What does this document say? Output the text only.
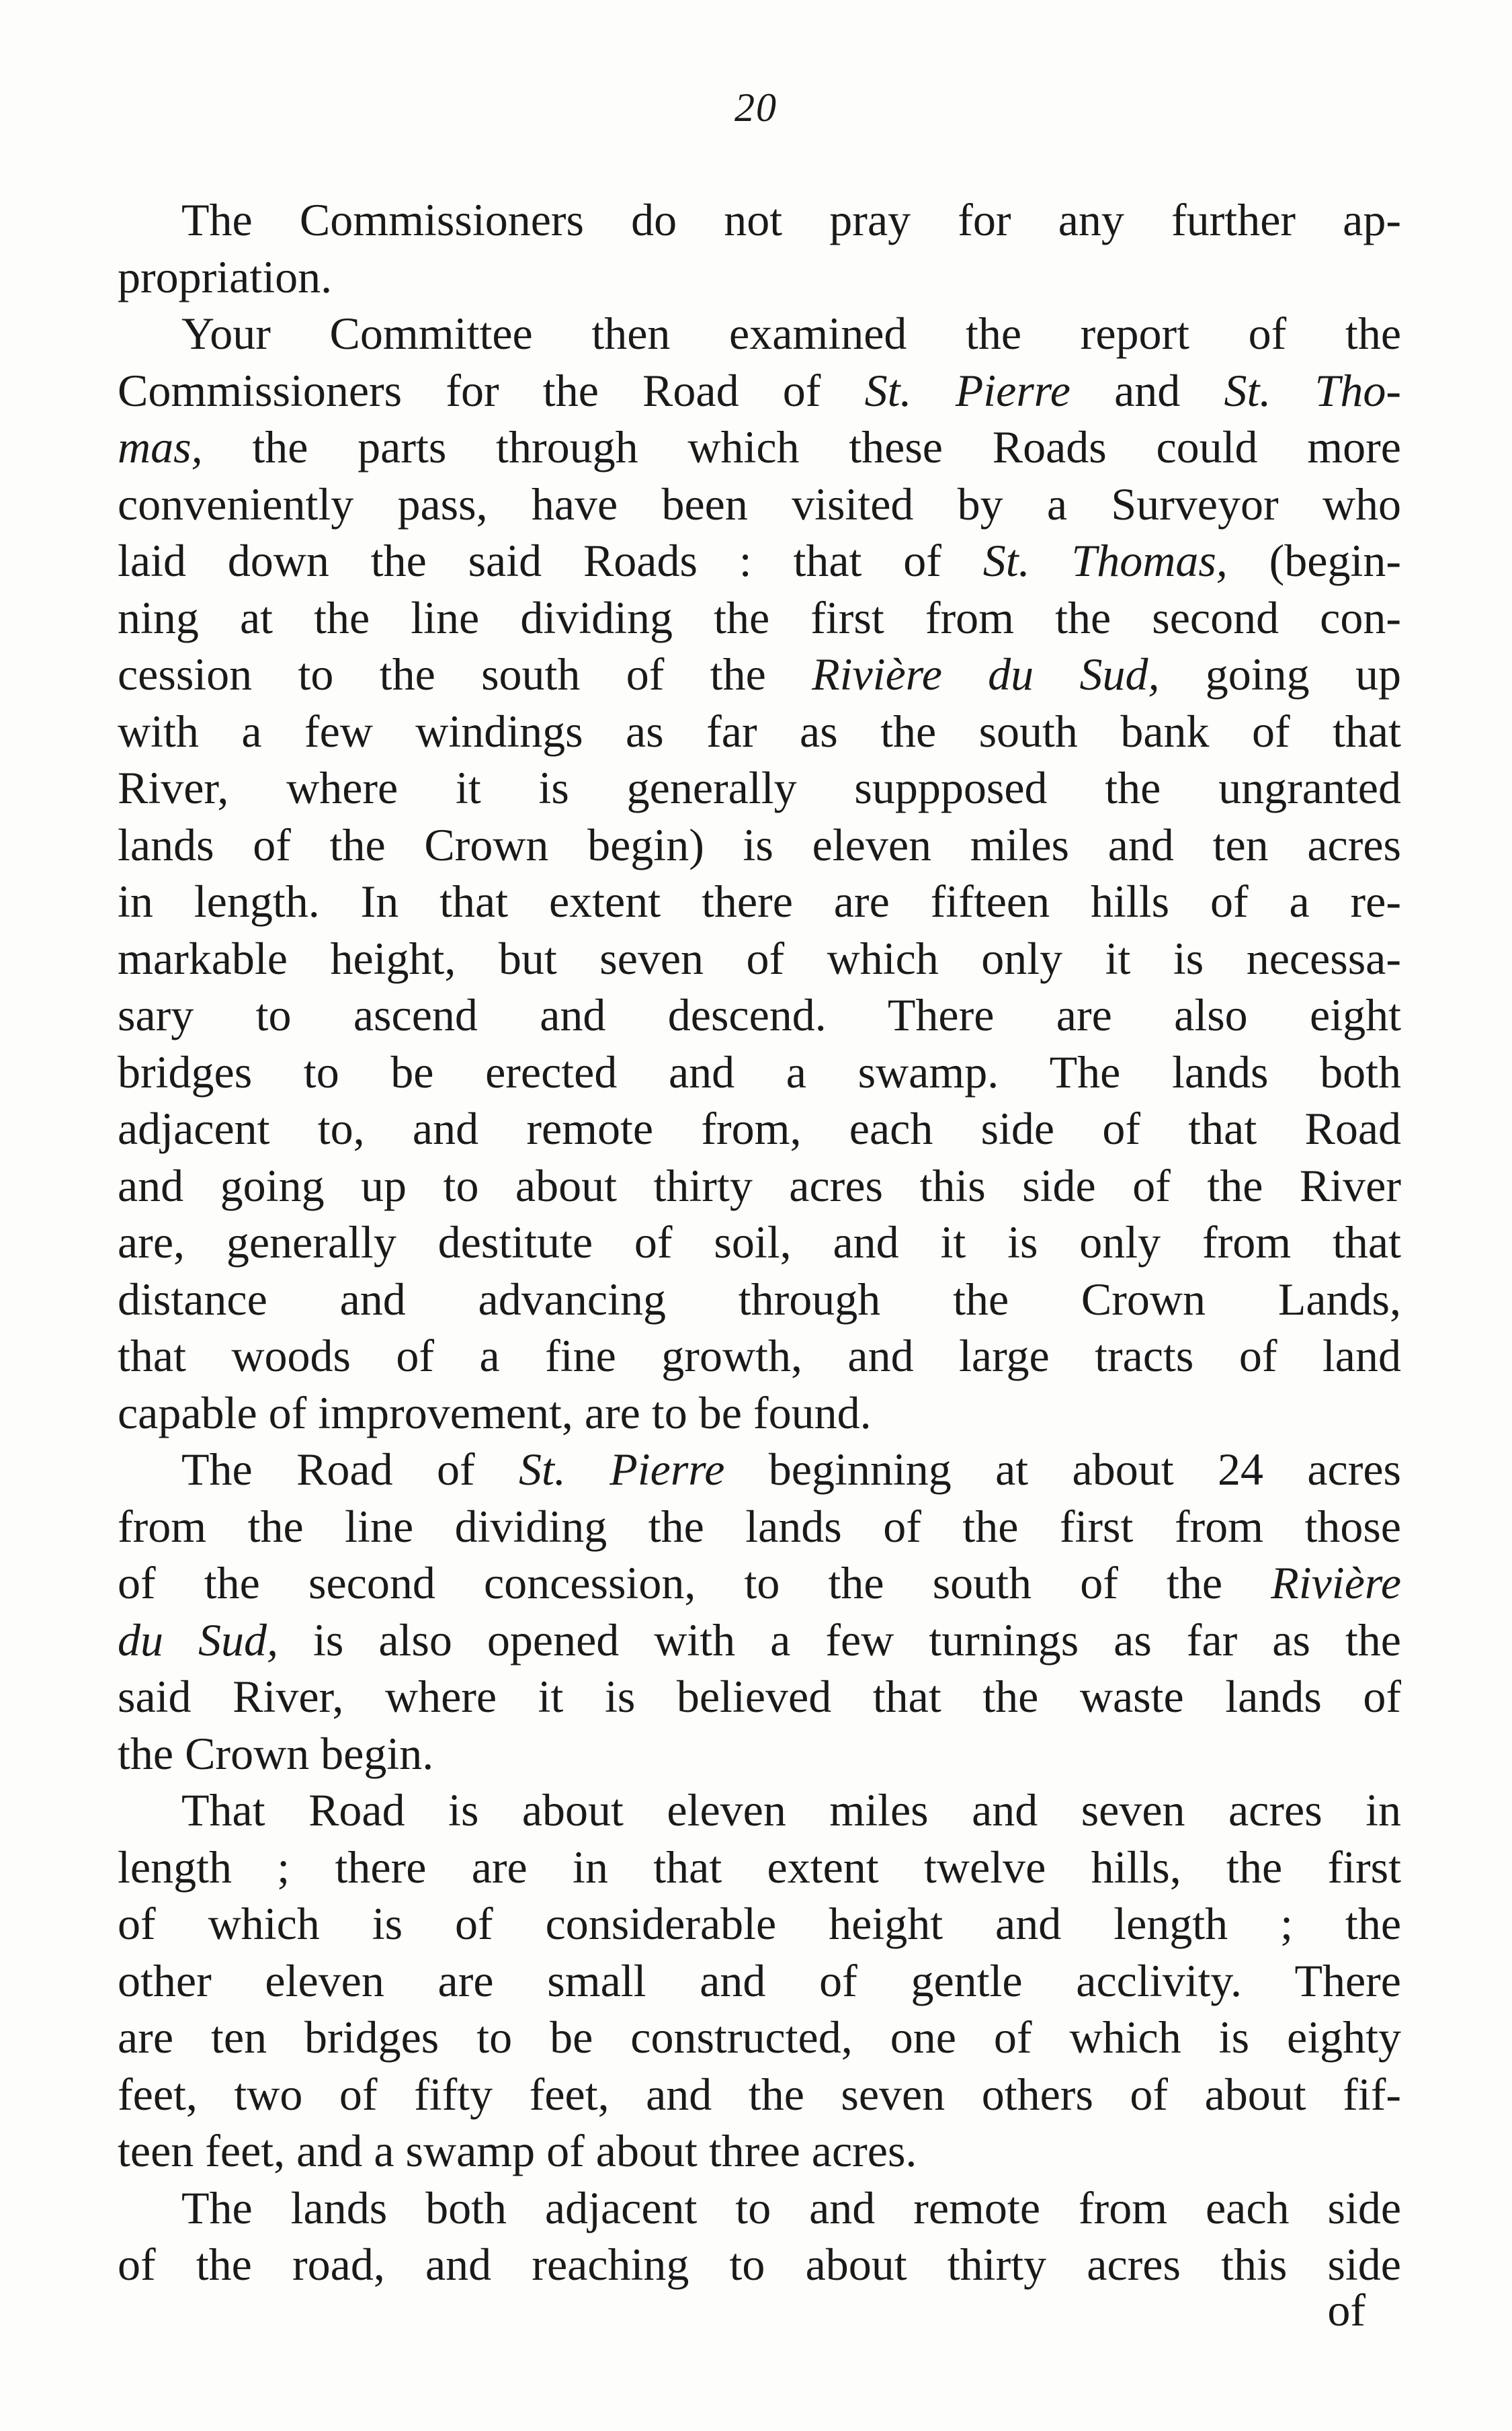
20
The Commissioners do not pray for any further ap-
propriation.
Your Committee then examined the report of the
Commissioners for the Road of St. Pierre and St. Tho-
mas, the parts through which these Roads could more
conveniently pass, have been visited by a Surveyor who
laid down the said Roads : that of St. Thomas, (begin-
ning at the line dividing the first from the second con-
cession to the south of the Rivière du Sud, going up
with a few windings as far as the south bank of that
River, where it is generally suppposed the ungranted
lands of the Crown begin) is eleven miles and ten acres
in length. In that extent there are fifteen hills of a re-
markable height, but seven of which only it is necessa-
sary to ascend and descend. There are also eight
bridges to be erected and a swamp. The lands both
adjacent to, and remote from, each side of that Road
and going up to about thirty acres this side of the River
are, generally destitute of soil, and it is only from that
distance and advancing through the Crown Lands,
that woods of a fine growth, and large tracts of land
capable of improvement, are to be found.
The Road of St. Pierre beginning at about 24 acres
from the line dividing the lands of the first from those
of the second concession, to the south of the Rivière
du Sud, is also opened with a few turnings as far as the
said River, where it is believed that the waste lands of
the Crown begin.
That Road is about eleven miles and seven acres in
length ; there are in that extent twelve hills, the first
of which is of considerable height and length ; the
other eleven are small and of gentle acclivity. There
are ten bridges to be constructed, one of which is eighty
feet, two of fifty feet, and the seven others of about fif-
teen feet, and a swamp of about three acres.
The lands both adjacent to and remote from each side
of the road, and reaching to about thirty acres this side
of
